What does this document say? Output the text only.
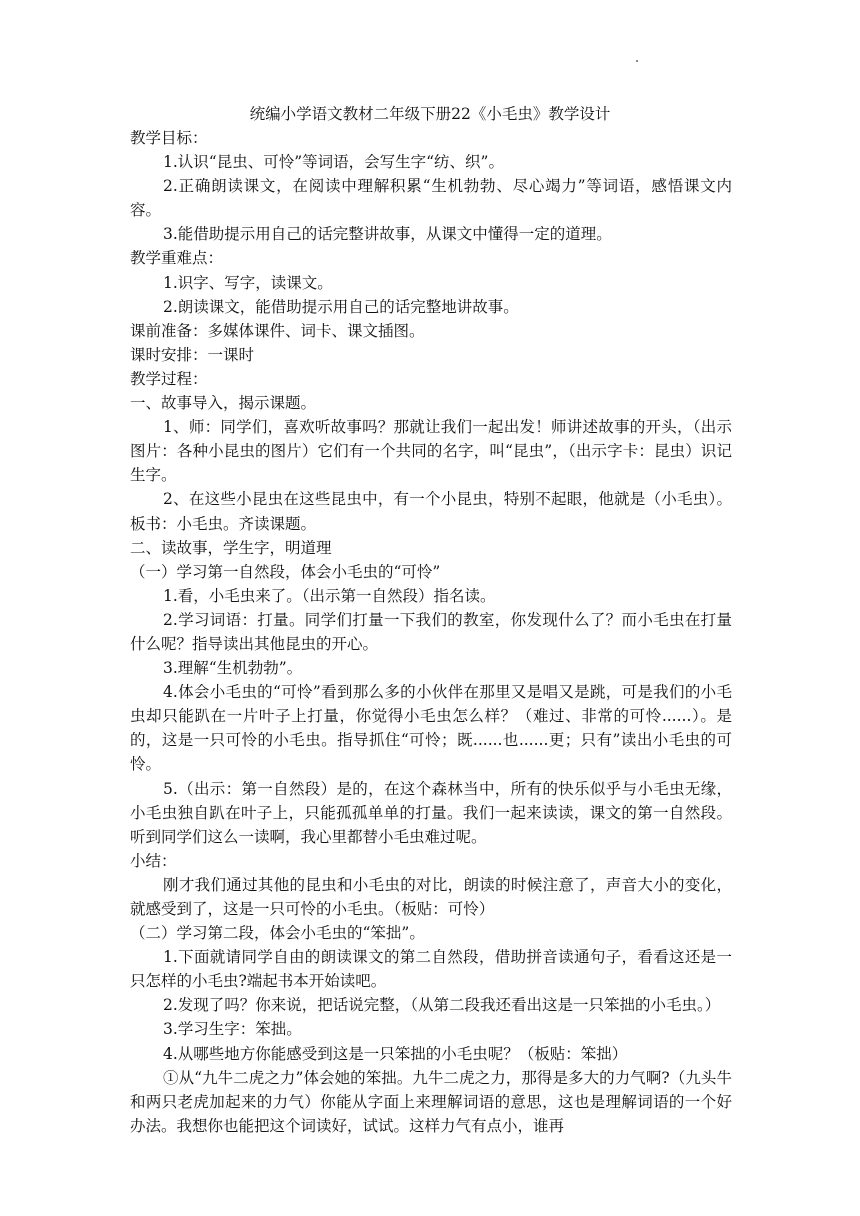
统编小学语文教材二年级下册22《小毛虫》教学设计

教学目标：

1.认识“昆虫、可怜”等词语，会写生字“纺、织”。

2.正确朗读课文，在阅读中理解积累“生机勃勃、尽心竭力”等词语，感悟课文内容。

3.能借助提示用自己的话完整讲故事，从课文中懂得一定的道理。

教学重难点：

1.识字、写字，读课文。

2.朗读课文，能借助提示用自己的话完整地讲故事。

课前准备：多媒体课件、词卡、课文插图。

课时安排：一课时

教学过程：

一、故事导入，揭示课题。

1、师：同学们，喜欢听故事吗？那就让我们一起出发！师讲述故事的开头，（出示图片：各种小昆虫的图片）它们有一个共同的名字，叫“昆虫”，（出示字卡：昆虫）识记生字。

2、在这些小昆虫在这些昆虫中，有一个小昆虫，特别不起眼，他就是（小毛虫）。板书：小毛虫。齐读课题。

二、读故事，学生字，明道理

（一）学习第一自然段，体会小毛虫的“可怜”

1.看，小毛虫来了。（出示第一自然段）指名读。

2.学习词语：打量。同学们打量一下我们的教室，你发现什么了？而小毛虫在打量什么呢？指导读出其他昆虫的开心。

3.理解“生机勃勃”。

4.体会小毛虫的“可怜”看到那么多的小伙伴在那里又是唱又是跳，可是我们的小毛虫却只能趴在一片叶子上打量，你觉得小毛虫怎么样？（难过、非常的可怜......）。是的，这是一只可怜的小毛虫。指导抓住“可怜；既......也......更；只有”读出小毛虫的可怜。

5.（出示：第一自然段）是的，在这个森林当中，所有的快乐似乎与小毛虫无缘，小毛虫独自趴在叶子上，只能孤孤单单的打量。我们一起来读读，课文的第一自然段。听到同学们这么一读啊，我心里都替小毛虫难过呢。

小结：

刚才我们通过其他的昆虫和小毛虫的对比，朗读的时候注意了，声音大小的变化，就感受到了，这是一只可怜的小毛虫。（板贴：可怜）

（二）学习第二段，体会小毛虫的“笨拙”。

1.下面就请同学自由的朗读课文的第二自然段，借助拼音读通句子，看看这还是一只怎样的小毛虫?端起书本开始读吧。

2.发现了吗？你来说，把话说完整，（从第二段我还看出这是一只笨拙的小毛虫。）

3.学习生字：笨拙。

4.从哪些地方你能感受到这是一只笨拙的小毛虫呢？（板贴：笨拙）

①从“九牛二虎之力”体会她的笨拙。九牛二虎之力，那得是多大的力气啊?（九头牛和两只老虎加起来的力气）你能从字面上来理解词语的意思，这也是理解词语的一个好办法。我想你也能把这个词读好，试试。这样力气有点小，谁再
